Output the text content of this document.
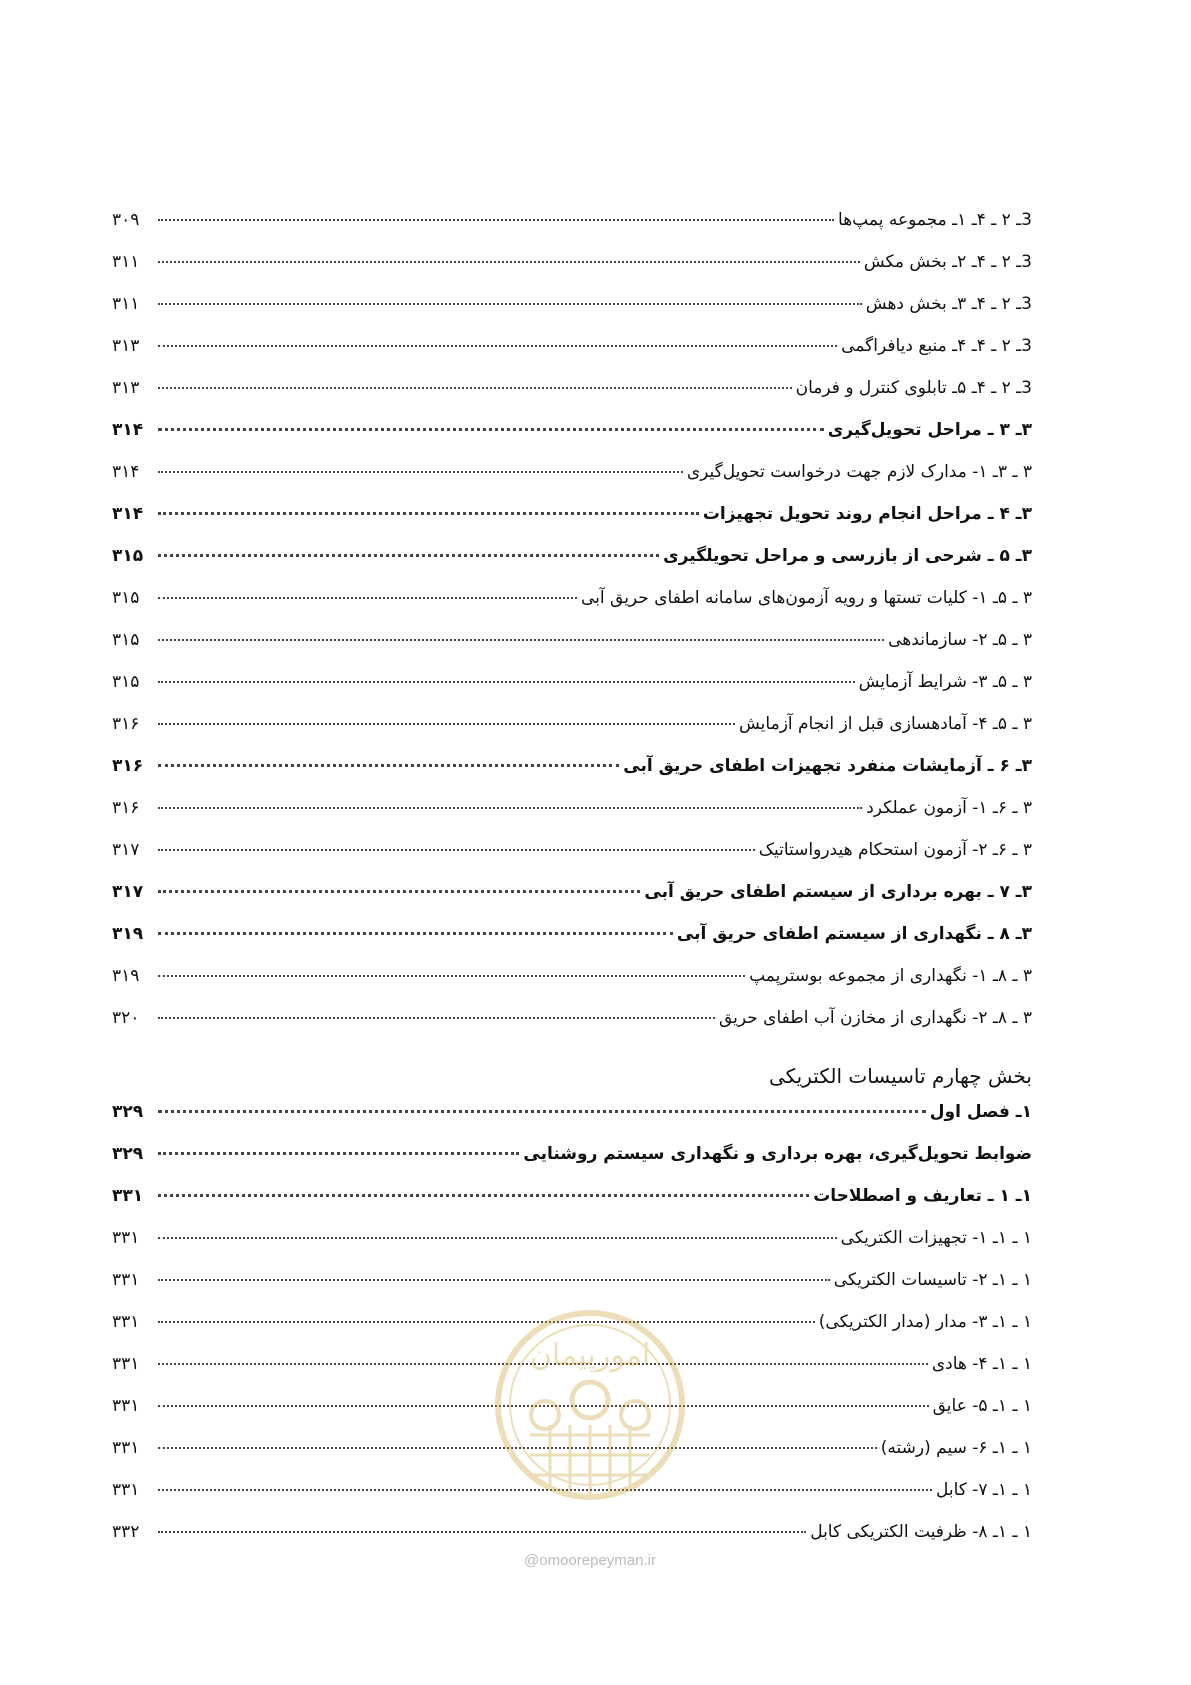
3ـ ۲ ـ ۴ـ ۱ـ مجموعه پمپ‌ها
۳۰۹
3ـ ۲ ـ ۴ـ ۲ـ بخش مکش
۳۱۱
3ـ ۲ ـ ۴ـ ۳ـ بخش دهش
۳۱۱
3ـ ۲ ـ ۴ـ ۴ـ منبع دیافراگمی
۳۱۳
3ـ ۲ ـ ۴ـ ۵ـ تابلوی کنترل و فرمان
۳۱۳
۳ـ ۳ ـ مراحل تحویل‌گیری
۳۱۴
۳ ـ ۳ـ ۱- مدارک لازم جهت درخواست تحویل‌گیری
۳۱۴
۳ـ ۴ ـ مراحل انجام روند تحویل تجهیزات
۳۱۴
۳ـ ۵ ـ شرحی از بازرسی و مراحل تحویلگیری
۳۱۵
۳ ـ ۵ـ ۱- کلیات تستها و رویه آزمون‌های سامانه اطفای حریق آبی
۳۱۵
۳ ـ ۵ـ ۲- سازماندهی
۳۱۵
۳ ـ ۵ـ ۳- شرایط آزمایش
۳۱۵
۳ ـ ۵ـ ۴- آمادهسازی قبل از انجام آزمایش
۳۱۶
۳ـ ۶ ـ آزمایشات منفرد تجهیزات اطفای حریق آبی
۳۱۶
۳ ـ ۶ـ ۱- آزمون عملکرد
۳۱۶
۳ ـ ۶ـ ۲- آزمون استحکام هیدرواستاتیک
۳۱۷
۳ـ ۷ ـ بهره برداری از سیستم اطفای حریق آبی
۳۱۷
۳ـ ۸ ـ نگهداری از سیستم اطفای حریق آبی
۳۱۹
۳ ـ ۸ـ ۱- نگهداری از مجموعه بوسترپمپ
۳۱۹
۳ ـ ۸ـ ۲- نگهداری از مخازن آب اطفای حریق
۳۲۰
بخش چهارم تاسیسات الکتریکی
۱ـ فصل اول
۳۲۹
ضوابط تحویل‌گیری، بهره برداری و نگهداری سیستم روشنایی
۳۲۹
۱ـ ۱ ـ تعاریف و اصطلاحات
۳۳۱
۱ ـ ۱ـ ۱- تجهیزات الکتریکی
۳۳۱
۱ ـ ۱ـ ۲- تاسیسات الکتریکی
۳۳۱
۱ ـ ۱ـ ۳- مدار (مدار الکتریکی)
۳۳۱
۱ ـ ۱ـ ۴- هادی
۳۳۱
۱ ـ ۱ـ ۵- عایق
۳۳۱
۱ ـ ۱ـ ۶- سیم (رشته)
۳۳۱
۱ ـ ۱ـ ۷- کابل
۳۳۱
۱ ـ ۱ـ ۸- ظرفیت الکتریکی کابل
۳۳۲
امورپیمان
@omoorepeyman.ir
